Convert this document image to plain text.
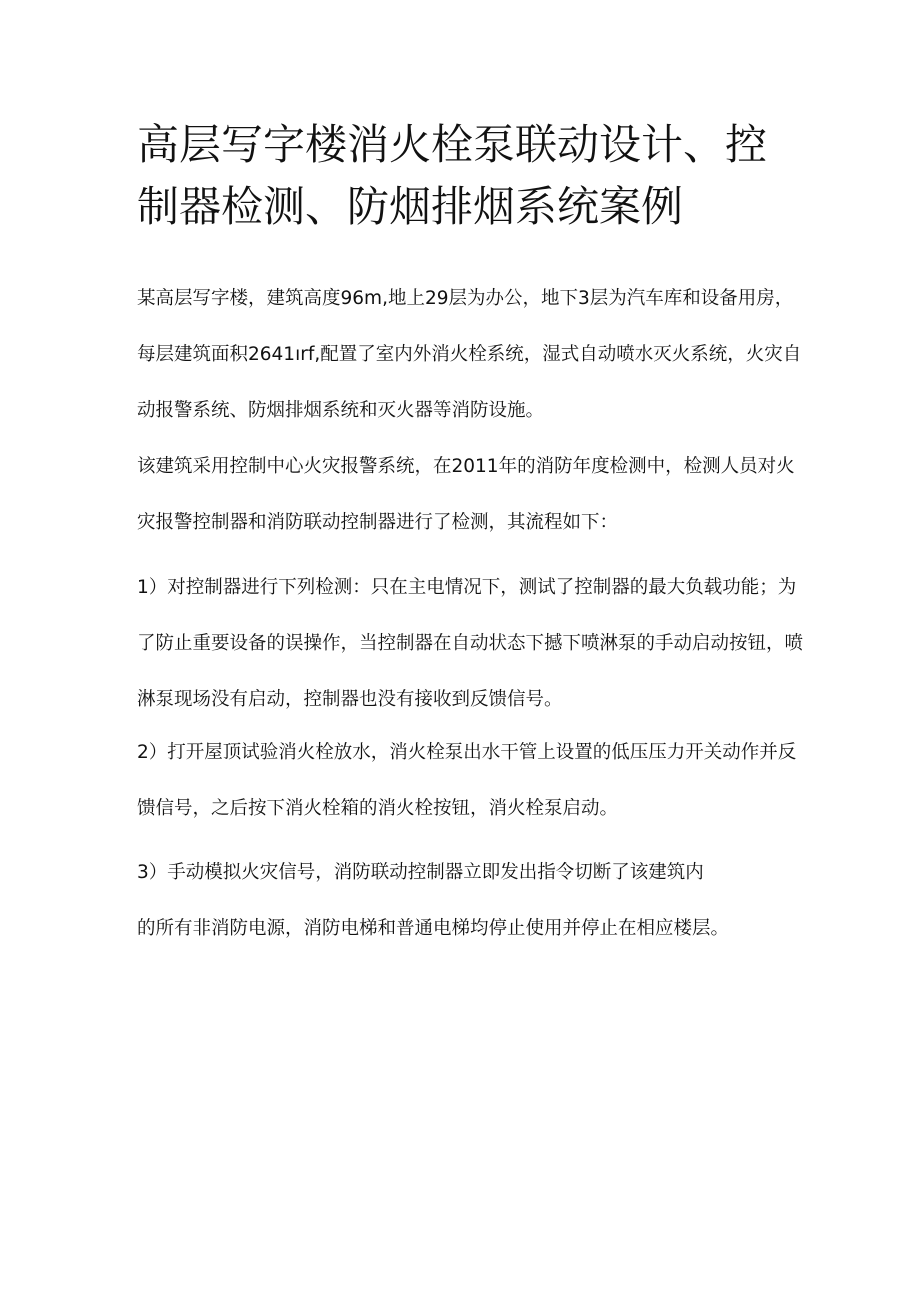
高层写字楼消火栓泵联动设计、控制器检测、防烟排烟系统案例

某高层写字楼，建筑高度96m,地上29层为办公，地下3层为汽车库和设备用房，每层建筑面积2641ırf,配置了室内外消火栓系统，湿式自动喷水灭火系统，火灾自动报警系统、防烟排烟系统和灭火器等消防设施。

该建筑采用控制中心火灾报警系统，在2011年的消防年度检测中，检测人员对火灾报警控制器和消防联动控制器进行了检测，其流程如下：

1）对控制器进行下列检测：只在主电情况下，测试了控制器的最大负载功能；为了防止重要设备的误操作，当控制器在自动状态下撼下喷淋泵的手动启动按钮，喷淋泵现场没有启动，控制器也没有接收到反馈信号。

2）打开屋顶试验消火栓放水，消火栓泵出水干管上设置的低压压力开关动作并反馈信号，之后按下消火栓箱的消火栓按钮，消火栓泵启动。

3）手动模拟火灾信号，消防联动控制器立即发出指令切断了该建筑内
的所有非消防电源，消防电梯和普通电梯均停止使用并停止在相应楼层。
